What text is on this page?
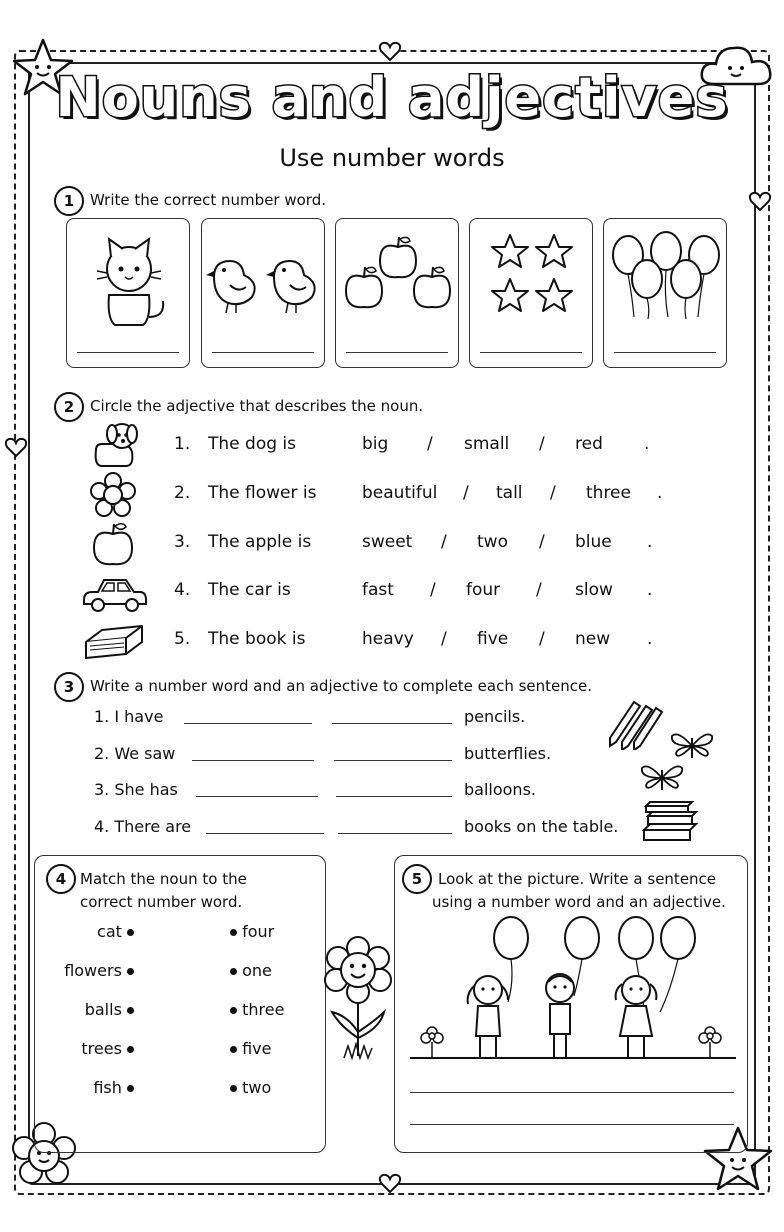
Nouns and adjectives
Use number words
1	Write the correct number word.
2	Circle the adjective that describes the noun.
1. The dog is	big / small / red .
2. The flower is	beautiful / tall / three .
3. The apple is	sweet / two / blue .
4. The car is	fast / four / slow .
5. The book is	heavy / five / new .
3	Write a number word and an adjective to complete each sentence.
1. I have	pencils.
2. We saw	butterflies.
3. She has	balloons.
4. There are	books on the table.
4 Match the noun to the
correct number word.
cat	four
flowers	one
balls	three
trees	five
fish	two
5	Look at the picture. Write a sentence
using a number word and an adjective.
